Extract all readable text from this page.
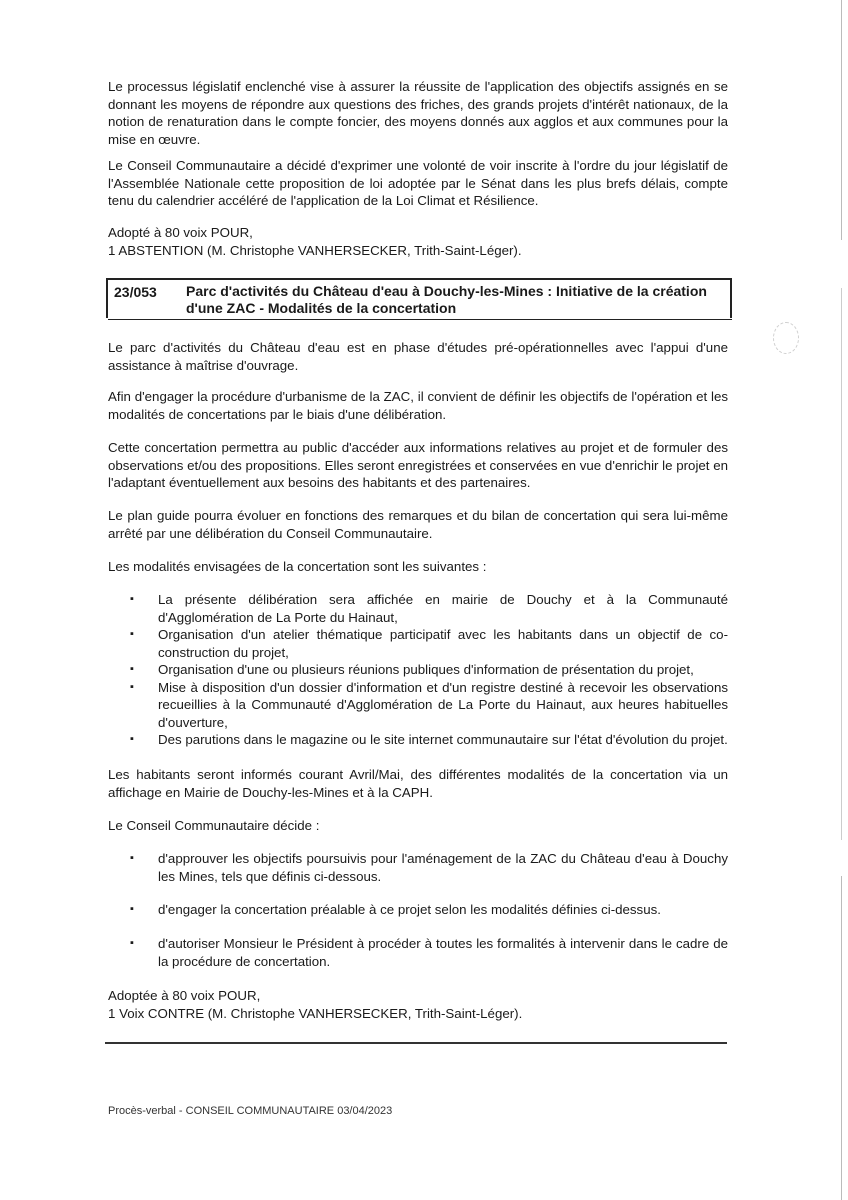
Le processus législatif enclenché vise à assurer la réussite de l'application des objectifs assignés en se donnant les moyens de répondre aux questions des friches, des grands projets d'intérêt nationaux, de la notion de renaturation dans le compte foncier, des moyens donnés aux agglos et aux communes pour la mise en œuvre.

Le Conseil Communautaire a décidé d'exprimer une volonté de voir inscrite à l'ordre du jour législatif de l'Assemblée Nationale cette proposition de loi adoptée par le Sénat dans les plus brefs délais, compte tenu du calendrier accéléré de l'application de la Loi Climat et Résilience.

Adopté à 80 voix POUR,
1 ABSTENTION (M. Christophe VANHERSECKER, Trith-Saint-Léger).
23/053 Parc d'activités du Château d'eau à Douchy-les-Mines : Initiative de la création d'une ZAC - Modalités de la concertation

Le parc d'activités du Château d'eau est en phase d'études pré-opérationnelles avec l'appui d'une assistance à maîtrise d'ouvrage.

Afin d'engager la procédure d'urbanisme de la ZAC, il convient de définir les objectifs de l'opération et les modalités de concertations par le biais d'une délibération.

Cette concertation permettra au public d'accéder aux informations relatives au projet et de formuler des observations et/ou des propositions. Elles seront enregistrées et conservées en vue d'enrichir le projet en l'adaptant éventuellement aux besoins des habitants et des partenaires.

Le plan guide pourra évoluer en fonctions des remarques et du bilan de concertation qui sera lui-même arrêté par une délibération du Conseil Communautaire.

Les modalités envisagées de la concertation sont les suivantes :

▪ La présente délibération sera affichée en mairie de Douchy et à la Communauté d'Agglomération de La Porte du Hainaut,
▪ Organisation d'un atelier thématique participatif avec les habitants dans un objectif de co-construction du projet,
▪ Organisation d'une ou plusieurs réunions publiques d'information de présentation du projet,
▪ Mise à disposition d'un dossier d'information et d'un registre destiné à recevoir les observations recueillies à la Communauté d'Agglomération de La Porte du Hainaut, aux heures habituelles d'ouverture,
▪ Des parutions dans le magazine ou le site internet communautaire sur l'état d'évolution du projet.

Les habitants seront informés courant Avril/Mai, des différentes modalités de la concertation via un affichage en Mairie de Douchy-les-Mines et à la CAPH.

Le Conseil Communautaire décide :

▪ d'approuver les objectifs poursuivis pour l'aménagement de la ZAC du Château d'eau à Douchy les Mines, tels que définis ci-dessous.
▪ d'engager la concertation préalable à ce projet selon les modalités définies ci-dessus.
▪ d'autoriser Monsieur le Président à procéder à toutes les formalités à intervenir dans le cadre de la procédure de concertation.
Adoptée à 80 voix POUR,
1 Voix CONTRE (M. Christophe VANHERSECKER, Trith-Saint-Léger).
Procès-verbal - CONSEIL COMMUNAUTAIRE 03/04/2023
